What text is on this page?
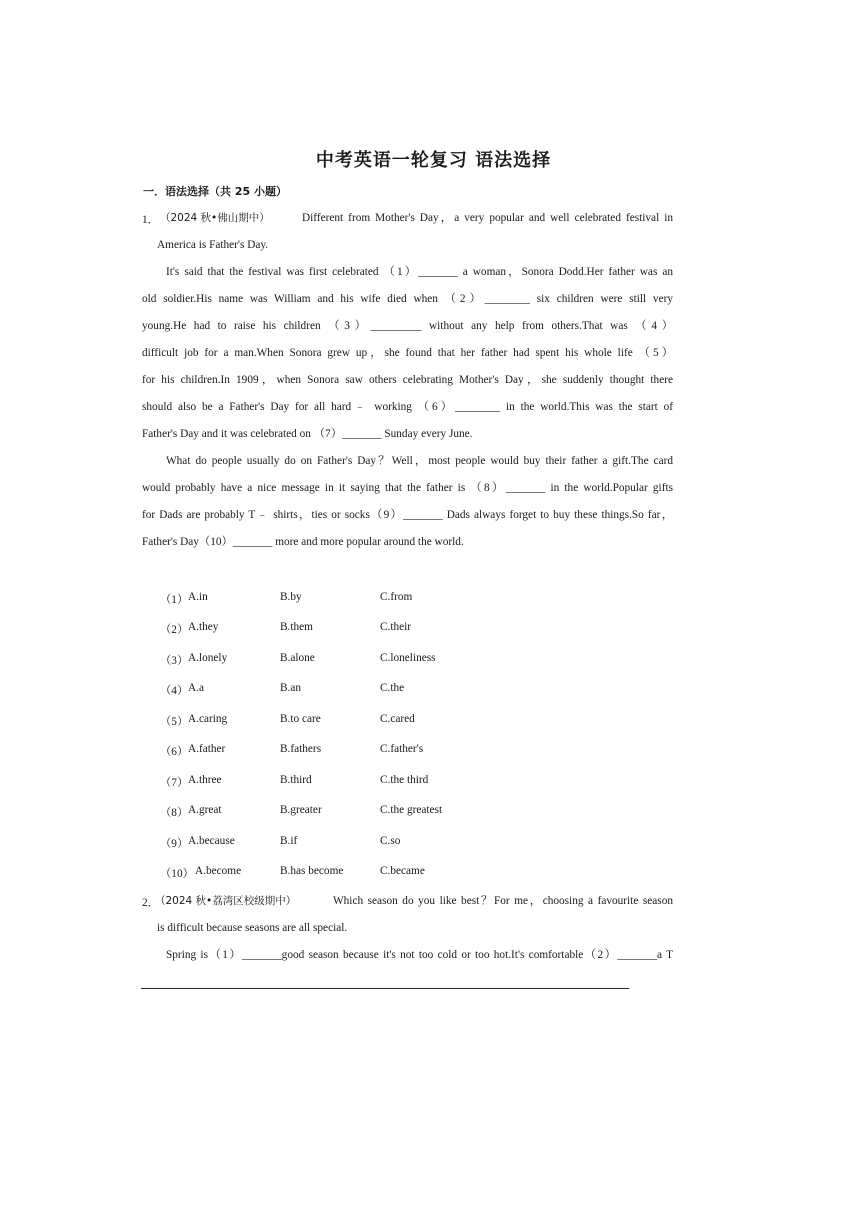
中考英语一轮复习 语法选择
一．语法选择（共 25 小题）
1． （2024 秋•佛山期中）	Different from Mother's Day，a very popular and well celebrated festival in
America is Father's Day.
It's said that the festival was first celebrated （1）_______ a woman，Sonora Dodd.Her father was an
old soldier.His name was William and his wife died when （2）________ six children were still very
young.He had to raise his children （3）_________ without any help from others.That was （4）
difficult job for a man.When Sonora grew up，she found that her father had spent his whole life （5）
for his children.In 1909，when Sonora saw others celebrating Mother's Day，she suddenly thought there
should also be a Father's Day for all hard﹣ working （6）________ in the world.This was the start of
Father's Day and it was celebrated on （7）_______ Sunday every June.
What do people usually do on Father's Day？Well，most people would buy their father a gift.The card
would probably have a nice message in it saying that the father is （8）_______ in the world.Popular gifts
for Dads are probably T﹣ shirts，ties or socks（9）_______ Dads always forget to buy these things.So far，
Father's Day（10）_______ more and more popular around the world.
（1） A.in	B.by	C.from
（2） A.they	B.them	C.their
（3） A.lonely	B.alone	C.loneliness
（4） A.a	B.an	C.the
（5） A.caring	B.to care	C.cared
（6） A.father	B.fathers	C.father's
（7） A.three	B.third	C.the third
（8） A.great	B.greater	C.the greatest
（9） A.because	B.if	C.so
（10） A.become	B.has become	C.became
2．
（2024 秋•荔湾区校级期中）	Which season do you like best？For me，choosing a favourite season
is difficult because seasons are all special.
Spring is（1）_______good season because it's not too cold or too hot.It's comfortable（2）_______a T
